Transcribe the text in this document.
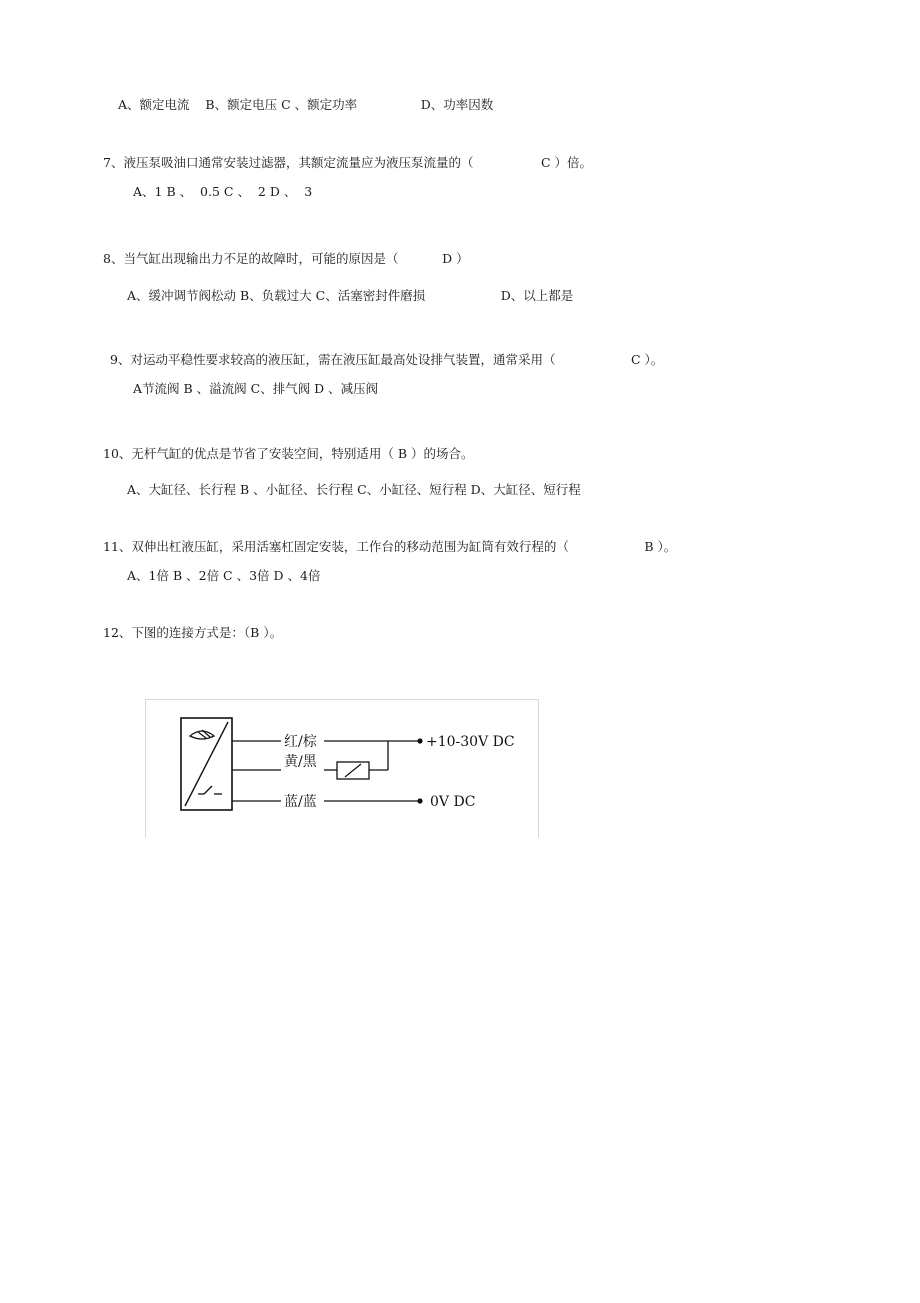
A、额定电流    B、额定电压 C 、额定功率                D、功率因数
7、液压泵吸油口通常安装过滤器，其额定流量应为液压泵流量的（                 C ）倍。
A、1 B 、  0.5 C 、  2 D 、  3
8、当气缸出现输出力不足的故障时，可能的原因是（           D ）
A、缓冲调节阀松动 B、负载过大 C、活塞密封件磨损                   D、以上都是
9、对运动平稳性要求较高的液压缸，需在液压缸最高处设排气装置，通常采用（                   C ）。
A节流阀 B 、溢流阀 C、排气阀 D 、减压阀
10、无杆气缸的优点是节省了安装空间，特别适用（ B ）的场合。
A、大缸径、长行程 B 、小缸径、长行程 C、小缸径、短行程 D、大缸径、短行程
11、双伸出杠液压缸，采用活塞杠固定安装，工作台的移动范围为缸筒有效行程的（                   B ）。
A、1倍 B 、2倍 C 、3倍 D 、4倍
12、下图的连接方式是：（B ）。
红/棕	+10-30V DC
黄/黑
蓝/蓝	0V DC
